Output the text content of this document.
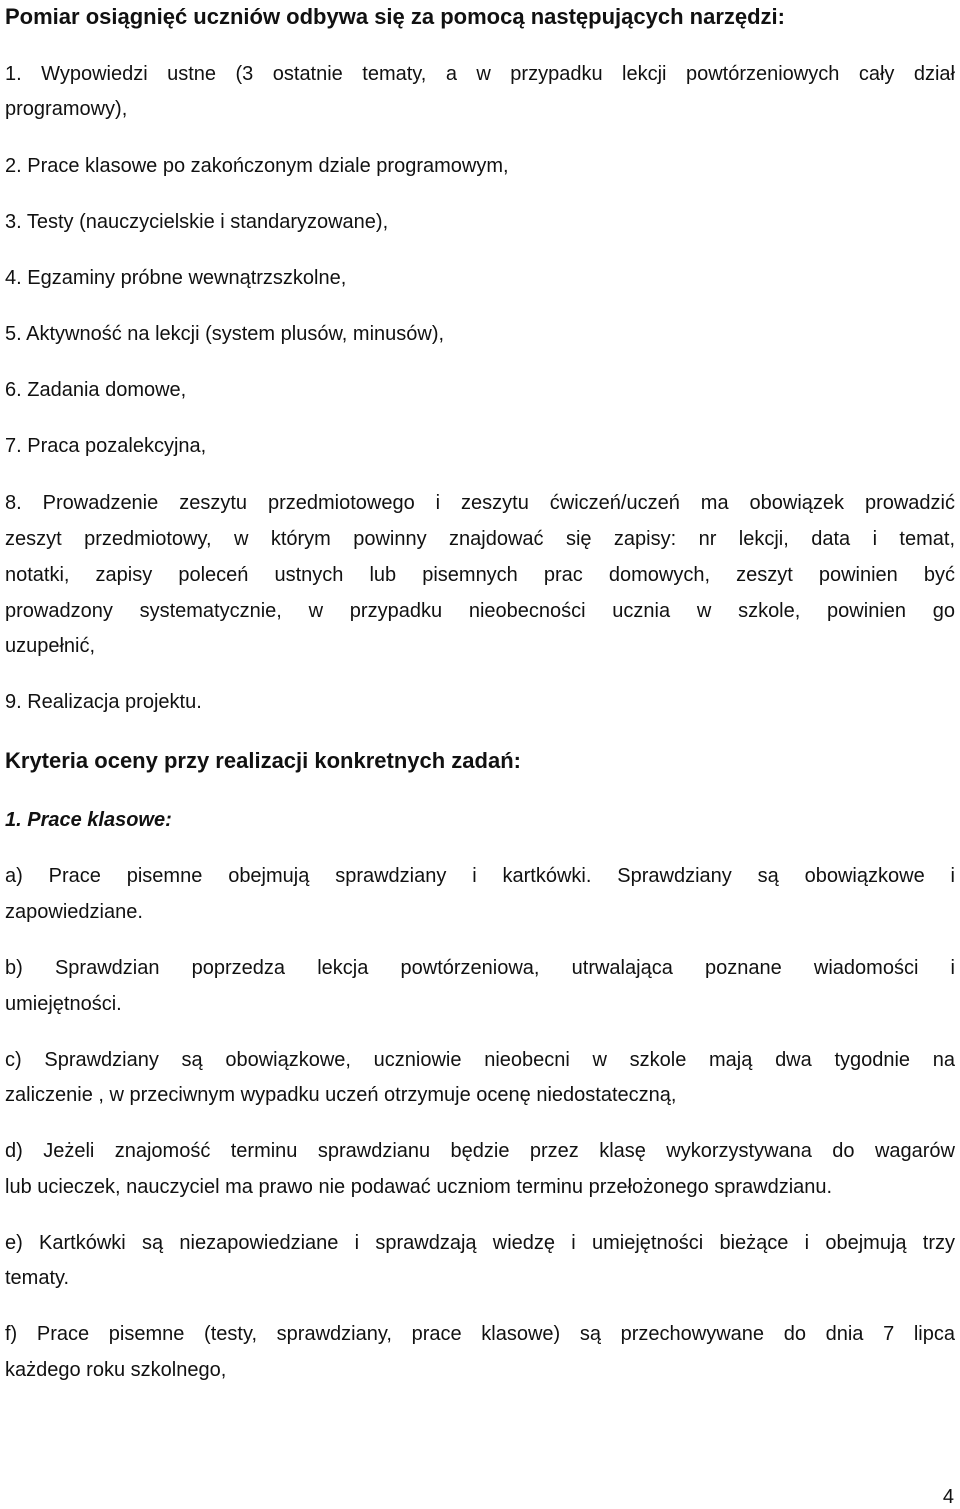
Pomiar osiągnięć uczniów odbywa się za pomocą następujących narzędzi:
1. Wypowiedzi ustne (3 ostatnie tematy, a w przypadku lekcji powtórzeniowych cały dział
programowy),
2. Prace klasowe po zakończonym dziale programowym,
3. Testy (nauczycielskie i standaryzowane),
4. Egzaminy próbne wewnątrzszkolne,
5. Aktywność na lekcji (system plusów, minusów),
6. Zadania domowe,
7. Praca pozalekcyjna,
8. Prowadzenie zeszytu przedmiotowego i zeszytu ćwiczeń/uczeń ma obowiązek prowadzić
zeszyt przedmiotowy, w którym powinny znajdować się zapisy: nr lekcji, data i temat,
notatki, zapisy poleceń ustnych lub pisemnych prac domowych, zeszyt powinien być
prowadzony systematycznie, w przypadku nieobecności ucznia w szkole, powinien go
uzupełnić,
9. Realizacja projektu.
Kryteria oceny przy realizacji konkretnych zadań:
1. Prace klasowe:
a) Prace pisemne obejmują sprawdziany i kartkówki. Sprawdziany są obowiązkowe i
zapowiedziane.
b) Sprawdzian poprzedza lekcja powtórzeniowa, utrwalająca poznane wiadomości i
umiejętności.
c) Sprawdziany są obowiązkowe, uczniowie nieobecni w szkole mają dwa tygodnie na
zaliczenie , w przeciwnym wypadku uczeń otrzymuje ocenę niedostateczną,
d) Jeżeli znajomość terminu sprawdzianu będzie przez klasę wykorzystywana do wagarów
lub ucieczek, nauczyciel ma prawo nie podawać uczniom terminu przełożonego sprawdzianu.
e) Kartkówki są niezapowiedziane i sprawdzają wiedzę i umiejętności bieżące i obejmują trzy
tematy.
f) Prace pisemne (testy, sprawdziany, prace klasowe) są przechowywane do dnia 7 lipca
każdego roku szkolnego,
4
